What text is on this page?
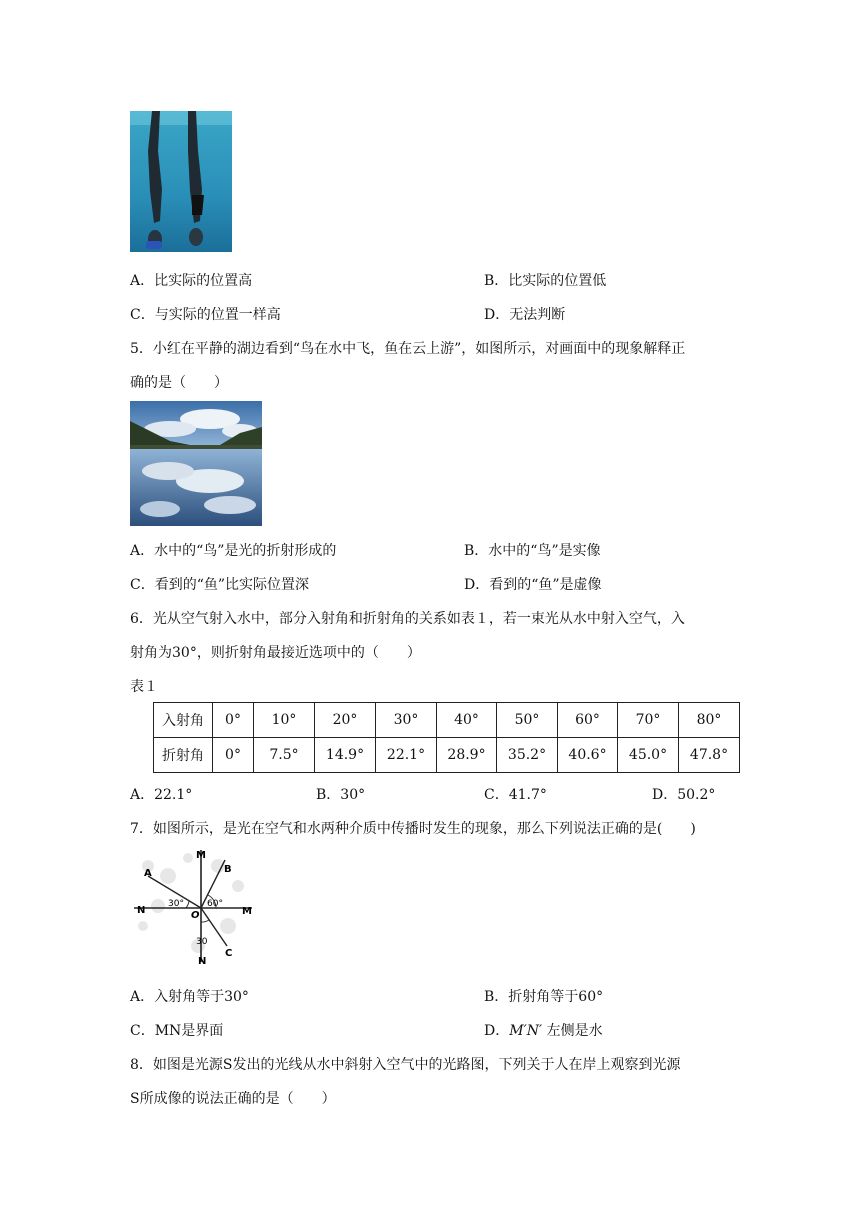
A．比实际的位置高	B．比实际的位置低
C．与实际的位置一样高	D．无法判断
5．小红在平静的湖边看到“鸟在水中飞，鱼在云上游”，如图所示，对画面中的现象解释正
确的是（　　）
A．水中的“鸟”是光的折射形成的	B．水中的“鸟”是实像
C．看到的“鱼”比实际位置深	D．看到的“鱼”是虚像
6．光从空气射入水中，部分入射角和折射角的关系如表１，若一束光从水中射入空气，入
射角为30°，则折射角最接近选项中的（　　）
表１
入射角	0°	10°	20°	30°	40°	50°	60°	70°	80°
折射角	0°	7.5°	14.9°	22.1°	28.9°	35.2°	40.6°	45.0°	47.8°
A．22.1°	B．30°	C．41.7°	D．50.2°
7．如图所示，是光在空气和水两种介质中传播时发生的现象，那么下列说法正确的是(　　)
M
N	M
N
A	B
C
O
30°	60°
30
A．入射角等于30°	B．折射角等于60°
C．MN是界面	D．M′N′ 左侧是水
8．如图是光源S发出的光线从水中斜射入空气中的光路图，下列关于人在岸上观察到光源
S所成像的说法正确的是（　　）
